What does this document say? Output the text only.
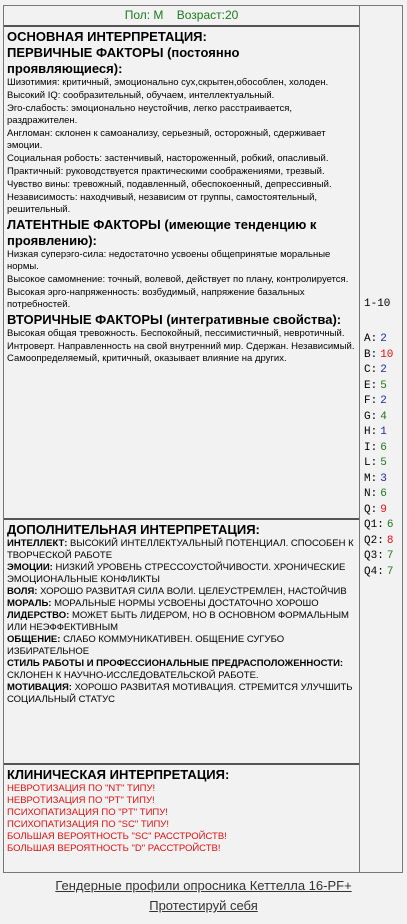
Пол: М Возраст:20

ОСНОВНАЯ ИНТЕРПРЕТАЦИЯ:

ПЕРВИЧНЫЕ ФАКТОРЫ (постоянно проявляющиеся):

Шизотимия: критичный, эмоционально сух,скрытен,обособлен, холоден.

Высокий IQ: сообразительный, обучаем, интеллектуальный.

Эго-слабость: эмоционально неустойчив, легко расстраивается, раздражителен.

Англоман: склонен к самоанализу, серьезный, осторожный, сдерживает эмоции.

Социальная робость: застенчивый, настороженный, робкий, опасливый.

Практичный: руководствуется практическими соображениями, трезвый.

Чувство вины: тревожный, подавленный, обеспокоенный, депрессивный.

Независимость: находчивый, независим от группы, самостоятельный, решительный.

ЛАТЕНТНЫЕ ФАКТОРЫ (имеющие тенденцию к проявлению):

Низкая суперэго-сила: недостаточно усвоены общепринятые моральные нормы.

Высокое самомнение: точный, волевой, действует по плану, контролируется.

Высокая эрго-напряженность: возбудимый, напряжение базальных потребностей.

ВТОРИЧНЫЕ ФАКТОРЫ (интегративные свойства):

Высокая общая тревожность. Беспокойный, пессимистичный, невротичный.

Интроверт. Направленность на свой внутренний мир. Сдержан. Независимый. Самоопределяемый, критичный, оказывает влияние на других.

ДОПОЛНИТЕЛЬНАЯ ИНТЕРПРЕТАЦИЯ:

ИНТЕЛЛЕКТ: ВЫСОКИЙ ИНТЕЛЛЕКТУАЛЬНЫЙ ПОТЕНЦИАЛ. СПОСОБЕН К ТВОРЧЕСКОЙ РАБОТЕ

ЭМОЦИИ: НИЗКИЙ УРОВЕНЬ СТРЕССОУСТОЙЧИВОСТИ. ХРОНИЧЕСКИЕ ЭМОЦИОНАЛЬНЫЕ КОНФЛИКТЫ

ВОЛЯ: ХОРОШО РАЗВИТАЯ СИЛА ВОЛИ. ЦЕЛЕУСТРЕМЛЕН, НАСТОЙЧИВ

МОРАЛЬ: МОРАЛЬНЫЕ НОРМЫ УСВОЕНЫ ДОСТАТОЧНО ХОРОШО

ЛИДЕРСТВО: МОЖЕТ БЫТЬ ЛИДЕРОМ, НО В ОСНОВНОМ ФОРМАЛЬНЫМ ИЛИ НЕЭФФЕКТИВНЫМ

ОБЩЕНИЕ: СЛАБО КОММУНИКАТИВЕН. ОБЩЕНИЕ СУГУБО ИЗБИРАТЕЛЬНОЕ

СТИЛЬ РАБОТЫ И ПРОФЕССИОНАЛЬНЫЕ ПРЕДРАСПОЛОЖЕННОСТИ: СКЛОНЕН К НАУЧНО-ИССЛЕДОВАТЕЛЬСКОЙ РАБОТЕ.

МОТИВАЦИЯ: ХОРОШО РАЗВИТАЯ МОТИВАЦИЯ. СТРЕМИТСЯ УЛУЧШИТЬ СОЦИАЛЬНЫЙ СТАТУС

КЛИНИЧЕСКАЯ ИНТЕРПРЕТАЦИЯ:

НЕВРОТИЗАЦИЯ ПО "NT" ТИПУ!

НЕВРОТИЗАЦИЯ ПО "PT" ТИПУ!

ПСИХОПАТИЗАЦИЯ ПО "PT" ТИПУ!

ПСИХОПАТИЗАЦИЯ ПО "SC" ТИПУ!

БОЛЬШАЯ ВЕРОЯТНОСТЬ "SC" РАССТРОЙСТВ!

БОЛЬШАЯ ВЕРОЯТНОСТЬ "D" РАССТРОЙСТВ!

1-10
A: 2
B: 10
C: 2
E: 5
F: 2
G: 4
H: 1
I: 6
L: 5
M: 3
N: 6
Q: 9
Q1: 6
Q2: 8
Q3: 7
Q4: 7
Гендерные профили опросника Кеттелла 16-PF+
Протестируй себя
